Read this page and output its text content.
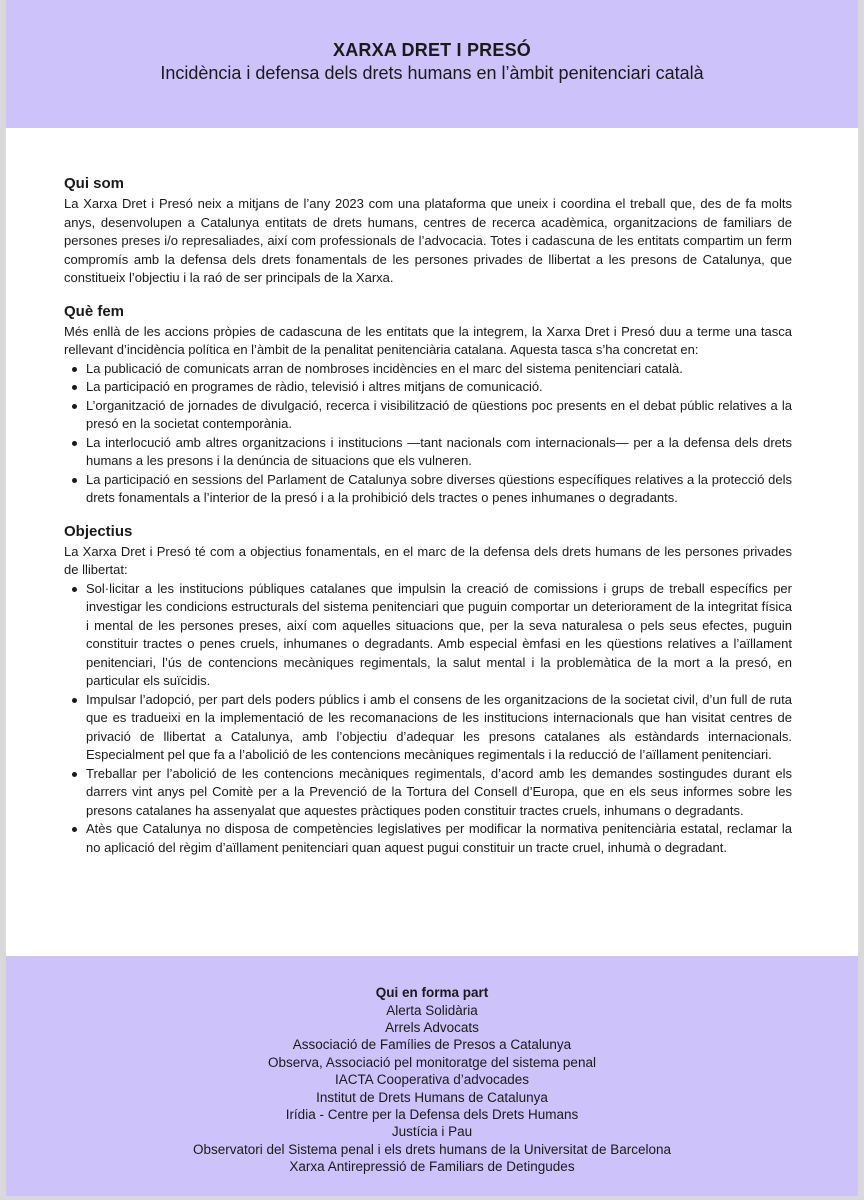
XARXA DRET I PRESÓ
Incidència i defensa dels drets humans en l’àmbit penitenciari català
Qui som

La Xarxa Dret i Presó neix a mitjans de l’any 2023 com una plataforma que uneix i coordina el treball que, des de fa molts anys, desenvolupen a Catalunya entitats de drets humans, centres de recerca acadèmica, organitzacions de familiars de persones preses i/o represaliades, així com professionals de l’advocacia. Totes i cadascuna de les entitats compartim un ferm compromís amb la defensa dels drets fonamentals de les persones privades de llibertat a les presons de Catalunya, que constitueix l’objectiu i la raó de ser principals de la Xarxa.

Què fem

Més enllà de les accions pròpies de cadascuna de les entitats que la integrem, la Xarxa Dret i Presó duu a terme una tasca rellevant d’incidència política en l’àmbit de la penalitat penitenciària catalana. Aquesta tasca s’ha concretat en:

La publicació de comunicats arran de nombroses incidències en el marc del sistema penitenciari català.
La participació en programes de ràdio, televisió i altres mitjans de comunicació.
L’organització de jornades de divulgació, recerca i visibilització de qüestions poc presents en el debat públic relatives a la presó en la societat contemporània.
La interlocució amb altres organitzacions i institucions —tant nacionals com internacionals— per a la defensa dels drets humans a les presons i la denúncia de situacions que els vulneren.
La participació en sessions del Parlament de Catalunya sobre diverses qüestions específiques relatives a la protecció dels drets fonamentals a l’interior de la presó i a la prohibició dels tractes o penes inhumanes o degradants.
Objectius

La Xarxa Dret i Presó té com a objectius fonamentals, en el marc de la defensa dels drets humans de les persones privades de llibertat:

Sol·licitar a les institucions públiques catalanes que impulsin la creació de comissions i grups de treball específics per investigar les condicions estructurals del sistema penitenciari que puguin comportar un deteriorament de la integritat física i mental de les persones preses, així com aquelles situacions que, per la seva naturalesa o pels seus efectes, puguin constituir tractes o penes cruels, inhumanes o degradants. Amb especial èmfasi en les qüestions relatives a l’aïllament penitenciari, l’ús de contencions mecàniques regimentals, la salut mental i la problemàtica de la mort a la presó, en particular els suïcidis.
Impulsar l’adopció, per part dels poders públics i amb el consens de les organitzacions de la societat civil, d’un full de ruta que es tradueixi en la implementació de les recomanacions de les institucions internacionals que han visitat centres de privació de llibertat a Catalunya, amb l’objectiu d’adequar les presons catalanes als estàndards internacionals. Especialment pel que fa a l’abolició de les contencions mecàniques regimentals i la reducció de l’aïllament penitenciari.
Treballar per l’abolició de les contencions mecàniques regimentals, d’acord amb les demandes sostingudes durant els darrers vint anys pel Comitè per a la Prevenció de la Tortura del Consell d’Europa, que en els seus informes sobre les presons catalanes ha assenyalat que aquestes pràctiques poden constituir tractes cruels, inhumans o degradants.
Atès que Catalunya no disposa de competències legislatives per modificar la normativa penitenciària estatal, reclamar la no aplicació del règim d’aïllament penitenciari quan aquest pugui constituir un tracte cruel, inhumà o degradant.
Qui en forma part
Alerta Solidària
Arrels Advocats
Associació de Famílies de Presos a Catalunya
Observa, Associació pel monitoratge del sistema penal
IACTA Cooperativa d’advocades
Institut de Drets Humans de Catalunya
Irídia - Centre per la Defensa dels Drets Humans
Justícia i Pau
Observatori del Sistema penal i els drets humans de la Universitat de Barcelona
Xarxa Antirepressió de Familiars de Detingudes
